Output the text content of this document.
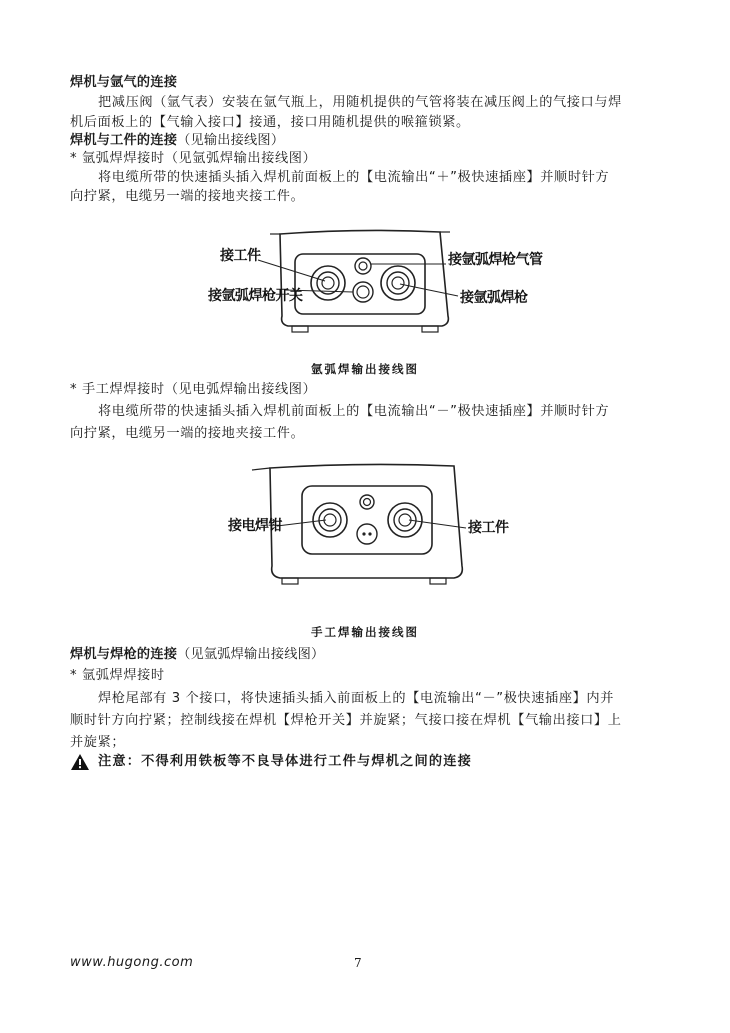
焊机与氩气的连接
把减压阀（氩气表）安装在氩气瓶上，用随机提供的气管将装在减压阀上的气接口与焊
机后面板上的【气输入接口】接通，接口用随机提供的喉箍锁紧。
焊机与工件的连接（见输出接线图）
* 氩弧焊焊接时（见氩弧焊输出接线图）
将电缆所带的快速插头插入焊机前面板上的【电流输出“＋”极快速插座】并顺时针方
向拧紧，电缆另一端的接地夹接工件。
接工件	接氩弧焊枪气管
接氩弧焊枪开关	接氩弧焊枪
氩弧焊输出接线图
* 手工焊焊接时（见电弧焊输出接线图）
将电缆所带的快速插头插入焊机前面板上的【电流输出“－”极快速插座】并顺时针方
向拧紧，电缆另一端的接地夹接工件。
接电焊钳	接工件
手工焊输出接线图
焊机与焊枪的连接（见氩弧焊输出接线图）
* 氩弧焊焊接时
焊枪尾部有 3 个接口，将快速插头插入前面板上的【电流输出“－”极快速插座】内并
顺时针方向拧紧；控制线接在焊机【焊枪开关】并旋紧；气接口接在焊机【气输出接口】上
并旋紧；
注意：不得利用铁板等不良导体进行工件与焊机之间的连接
www.hugong.com	7
